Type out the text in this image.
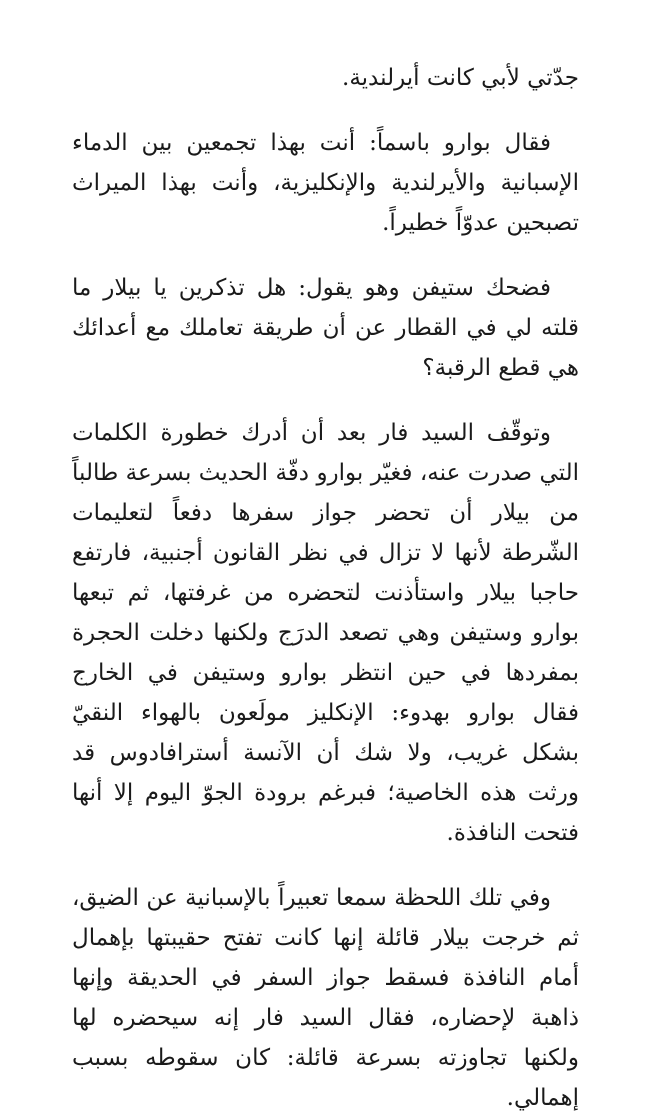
جدّتي لأبي كانت أيرلندية.

فقال بوارو باسماً: أنت بهذا تجمعين بين الدماء الإسبانية والأيرلندية والإنكليزية، وأنت بهذا الميراث تصبحين عدوّاً خطيراً.

فضحك ستيفن وهو يقول: هل تذكرين يا بيلار ما قلته لي في القطار عن أن طريقة تعاملك مع أعدائك هي قطع الرقبة؟

وتوقّف السيد فار بعد أن أدرك خطورة الكلمات التي صدرت عنه، فغيّر بوارو دفّة الحديث بسرعة طالباً من بيلار أن تحضر جواز سفرها دفعاً لتعليمات الشّرطة لأنها لا تزال في نظر القانون أجنبية، فارتفع حاجبا بيلار واستأذنت لتحضره من غرفتها، ثم تبعها بوارو وستيفن وهي تصعد الدرَج ولكنها دخلت الحجرة بمفردها في حين انتظر بوارو وستيفن في الخارج فقال بوارو بهدوء: الإنكليز مولَعون بالهواء النقيّ بشكل غريب، ولا شك أن الآنسة أسترافادوس قد ورثت هذه الخاصية؛ فبرغم برودة الجوّ اليوم إلا أنها فتحت النافذة.

وفي تلك اللحظة سمعا تعبيراً بالإسبانية عن الضيق، ثم خرجت بيلار قائلة إنها كانت تفتح حقيبتها بإهمال أمام النافذة فسقط جواز السفر في الحديقة وإنها ذاهبة لإحضاره، فقال السيد فار إنه سيحضره لها ولكنها تجاوزته بسرعة قائلة: كان سقوطه بسبب إهمالي.
